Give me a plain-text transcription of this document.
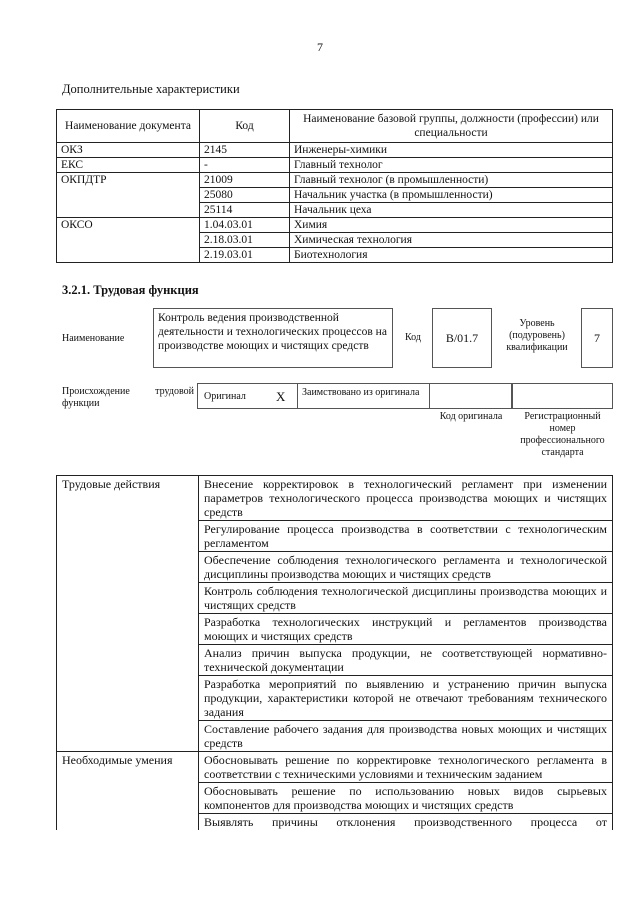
7
Дополнительные характеристики
Наименование документа	Код	Наименование базовой группы, должности (профессии) или специальности
ОКЗ	2145	Инженеры-химики
ЕКС	-	Главный технолог
ОКПДТР	21009	Главный технолог (в промышленности)
	25080	Начальник участка (в промышленности)
	25114	Начальник цеха
ОКСО	1.04.03.01	Химия
	2.18.03.01	Химическая технология
	2.19.03.01	Биотехнология
3.2.1. Трудовая функция
Наименование
Контроль ведения производственной деятельности и технологических процессов на производстве моющих и чистящих средств
Код	В/01.7
Уровень (подуровень) квалификации
7
Происхождение трудовой функции
Оригинал X	Заимствовано из оригинала
Код оригинала	Регистрационный номер профессионального стандарта
Трудовые действия	Внесение корректировок в технологический регламент при изменении параметров технологического процесса производства моющих и чистящих средств
	Регулирование процесса производства в соответствии с технологическим регламентом
	Обеспечение соблюдения технологического регламента и технологической дисциплины производства моющих и чистящих средств
	Контроль соблюдения технологической дисциплины производства моющих и чистящих средств
	Разработка технологических инструкций и регламентов производства моющих и чистящих средств
	Анализ причин выпуска продукции, не соответствующей нормативно-технической документации
	Разработка мероприятий по выявлению и устранению причин выпуска продукции, характеристики которой не отвечают требованиям технического задания
	Составление рабочего задания для производства новых моющих и чистящих средств
Необходимые умения	Обосновывать решение по корректировке технологического регламента в соответствии с техническими условиями и техническим заданием
	Обосновывать решение по использованию новых видов сырьевых компонентов для производства моющих и чистящих средств
	Выявлять причины отклонения производственного процесса от
